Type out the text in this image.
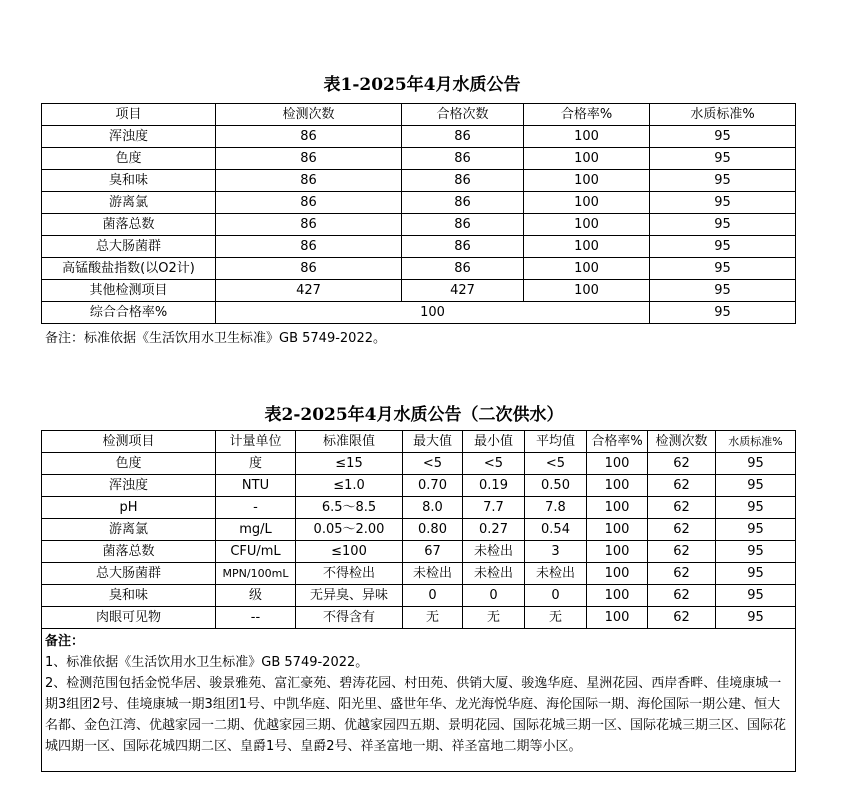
表1-2025年4月水质公告
项目	检测次数	合格次数	合格率%	水质标准%
浑浊度	86	86	100	95
色度	86	86	100	95
臭和味	86	86	100	95
游离氯	86	86	100	95
菌落总数	86	86	100	95
总大肠菌群	86	86	100	95
高锰酸盐指数(以O2计)	86	86	100	95
其他检测项目	427	427	100	95
综合合格率%	100			95
备注：标准依据《生活饮用水卫生标准》GB 5749-2022。
表2-2025年4月水质公告（二次供水）
检测项目	计量单位	标准限值	最大值	最小值	平均值	合格率%	检测次数	水质标准%
色度	度	≤15	<5	<5	<5	100	62	95
浑浊度	NTU	≤1.0	0.70	0.19	0.50	100	62	95
pH	-	6.5～8.5	8.0	7.7	7.8	100	62	95
游离氯	mg/L	0.05～2.00	0.80	0.27	0.54	100	62	95
菌落总数	CFU/mL	≤100	67	未检出	3	100	62	95
总大肠菌群	MPN/100mL	不得检出	未检出	未检出	未检出	100	62	95
臭和味	级	无异臭、异味	0	0	0	100	62	95
肉眼可见物	--	不得含有	无	无	无	100	62	95

备注：
1、标准依据《生活饮用水卫生标准》GB 5749-2022。
2、检测范围包括金悦华居、骏景雅苑、富汇豪苑、碧涛花园、村田苑、供销大厦、骏逸华庭、星洲花园、西岸香畔、佳境康城一期3组团2号、佳境康城一期3组团1号、中凯华庭、阳光里、盛世年华、龙光海悦华庭、海伦国际一期、海伦国际一期公建、恒大名都、金色江湾、优越家园一二期、优越家园三期、优越家园四五期、景明花园、国际花城三期一区、国际花城三期三区、国际花城四期一区、国际花城四期二区、皇爵1号、皇爵2号、祥圣富地一期、祥圣富地二期等小区。								
